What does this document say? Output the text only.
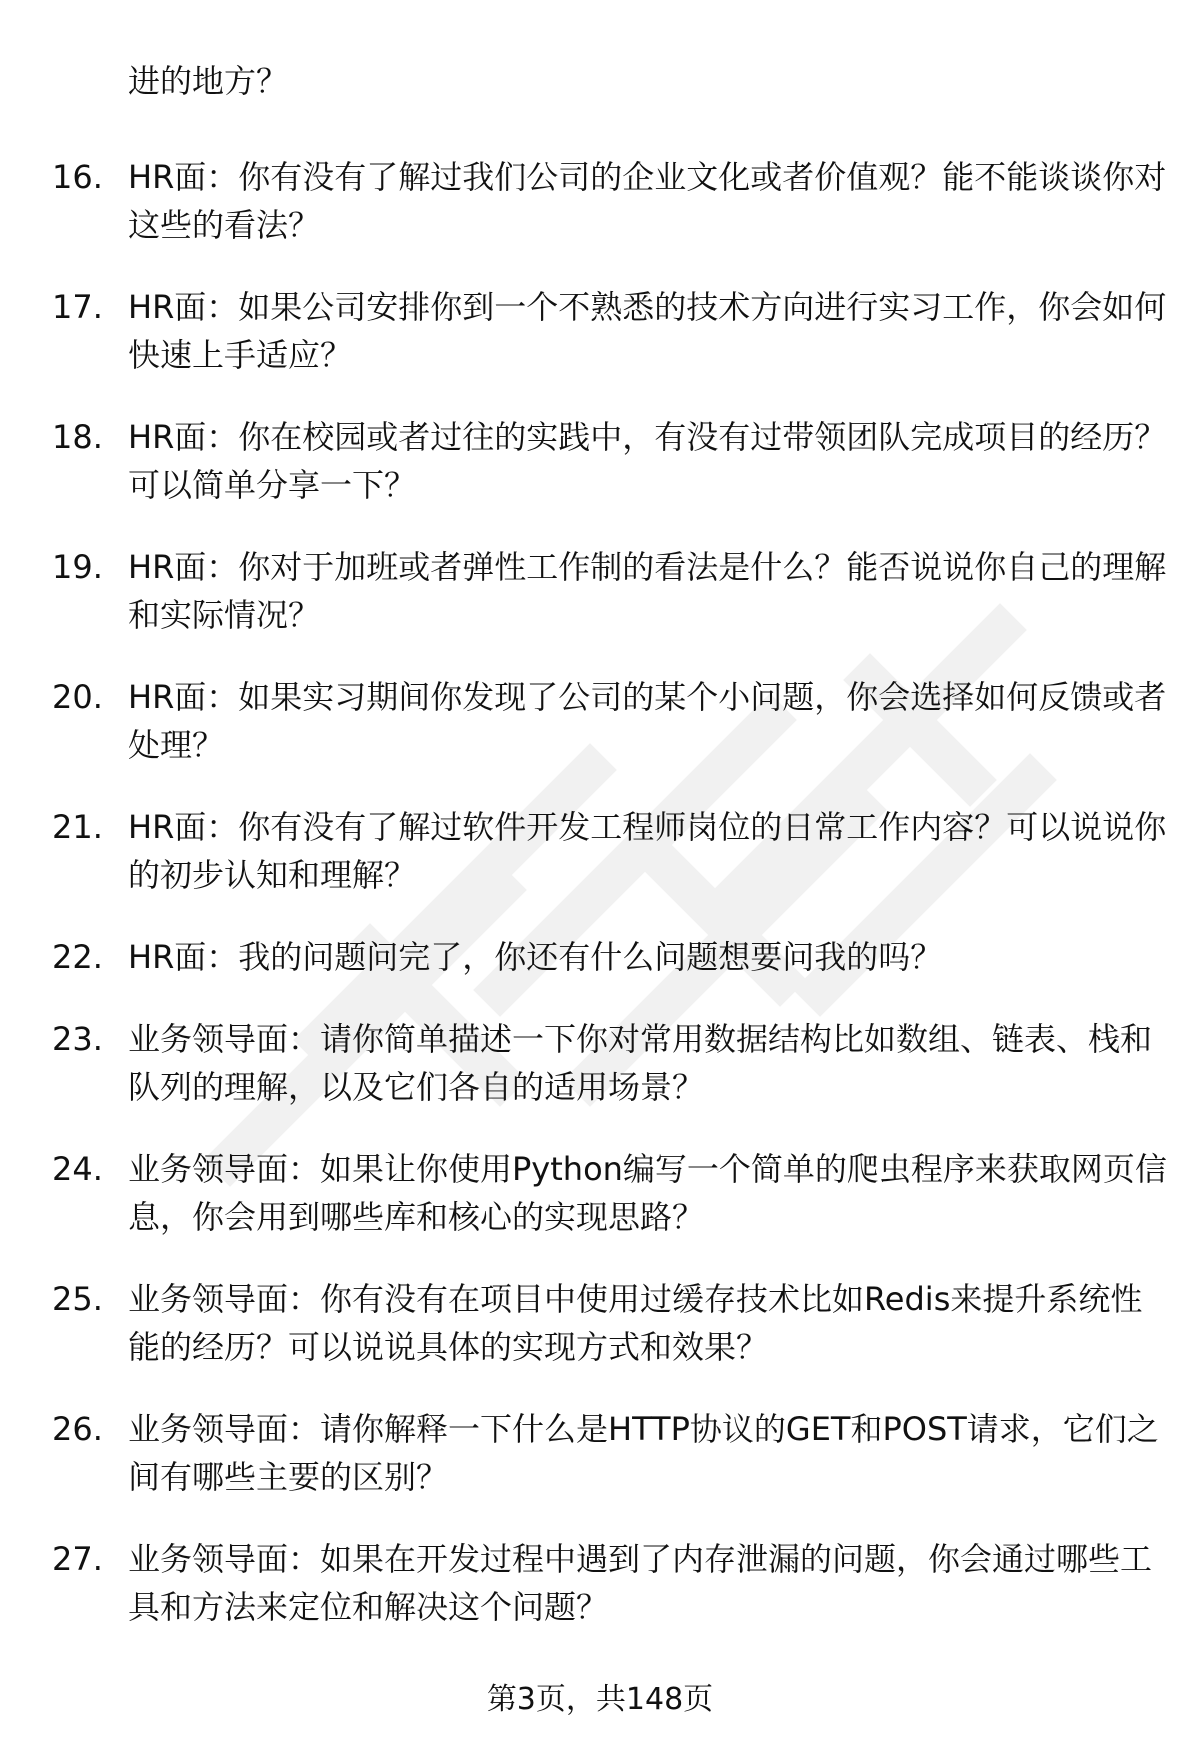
进的地方？

16. HR面：你有没有了解过我们公司的企业文化或者价值观？能不能谈谈你对这些的看法？
17. HR面：如果公司安排你到一个不熟悉的技术方向进行实习工作，你会如何快速上手适应？
18. HR面：你在校园或者过往的实践中，有没有过带领团队完成项目的经历？可以简单分享一下？
19. HR面：你对于加班或者弹性工作制的看法是什么？能否说说你自己的理解和实际情况？
20. HR面：如果实习期间你发现了公司的某个小问题，你会选择如何反馈或者处理？
21. HR面：你有没有了解过软件开发工程师岗位的日常工作内容？可以说说你的初步认知和理解？
22. HR面：我的问题问完了，你还有什么问题想要问我的吗？
23. 业务领导面：请你简单描述一下你对常用数据结构比如数组、链表、栈和队列的理解，以及它们各自的适用场景？
24. 业务领导面：如果让你使用Python编写一个简单的爬虫程序来获取网页信息，你会用到哪些库和核心的实现思路？
25. 业务领导面：你有没有在项目中使用过缓存技术比如Redis来提升系统性能的经历？可以说说具体的实现方式和效果？
26. 业务领导面：请你解释一下什么是HTTP协议的GET和POST请求，它们之间有哪些主要的区别？
27. 业务领导面：如果在开发过程中遇到了内存泄漏的问题，你会通过哪些工具和方法来定位和解决这个问题？
第3页，共148页
